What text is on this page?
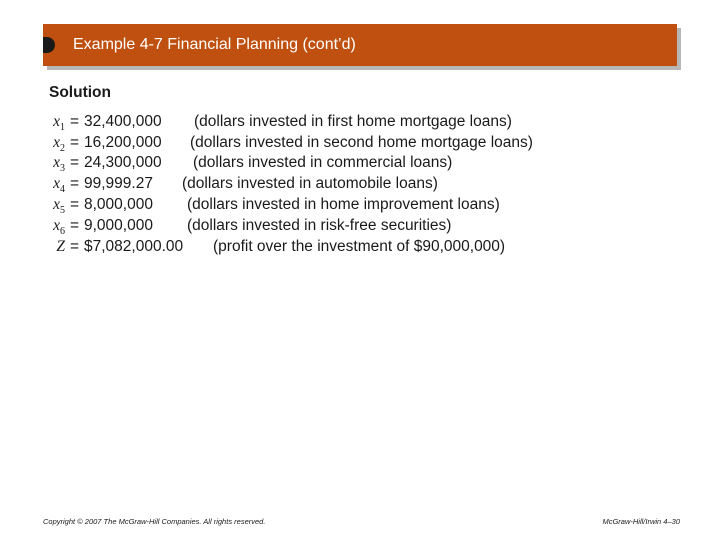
Example 4-7 Financial Planning (cont’d)
Solution
$x_1 = 32,400,000$ (dollars invested in first home mortgage loans)
$x_2 = 16,200,000$ (dollars invested in second home mortgage loans)
$x_3 = 24,300,000$ (dollars invested in commercial loans)
$x_4 = 99,999.27$ (dollars invested in automobile loans)
$x_5 = 8,000,000$ (dollars invested in home improvement loans)
$x_6 = 9,000,000$ (dollars invested in risk-free securities)
Z = $7,082,000.00 (profit over the investment of $90,000,000)
Copyright © 2007 The McGraw-Hill Companies. All rights reserved.	McGraw-Hill/Irwin 4–30
